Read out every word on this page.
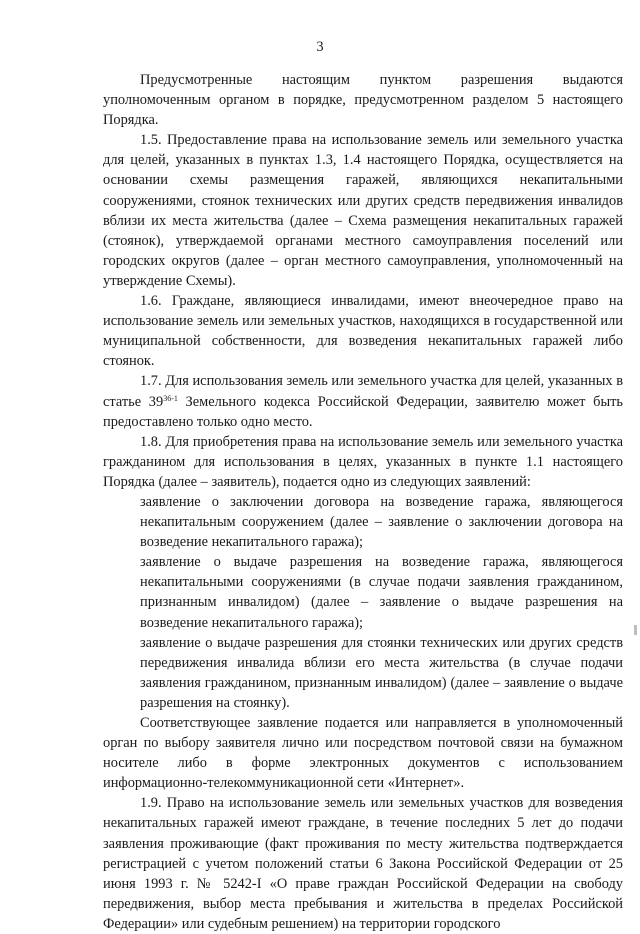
3

Предусмотренные настоящим пунктом разрешения выдаются уполномоченным органом в порядке, предусмотренном разделом 5 настоящего Порядка.

1.5. Предоставление права на использование земель или земельного участка для целей, указанных в пунктах 1.3, 1.4 настоящего Порядка, осуществляется на основании схемы размещения гаражей, являющихся некапитальными сооружениями, стоянок технических или других средств передвижения инвалидов вблизи их места жительства (далее – Схема размещения некапитальных гаражей (стоянок), утверждаемой органами местного самоуправления поселений или городских округов (далее – орган местного самоуправления, уполномоченный на утверждение Схемы).

1.6. Граждане, являющиеся инвалидами, имеют внеочередное право на использование земель или земельных участков, находящихся в государственной или муниципальной собственности, для возведения некапитальных гаражей либо стоянок.

1.7. Для использования земель или земельного участка для целей, указанных в статье 39$^{36-1}$ Земельного кодекса Российской Федерации, заявителю может быть предоставлено только одно место.

1.8. Для приобретения права на использование земель или земельного участка гражданином для использования в целях, указанных в пункте 1.1 настоящего Порядка (далее – заявитель), подается одно из следующих заявлений:

заявление о заключении договора на возведение гаража, являющегося некапитальным сооружением (далее – заявление о заключении договора на возведение некапитального гаража);

заявление о выдаче разрешения на возведение гаража, являющегося некапитальными сооружениями (в случае подачи заявления гражданином, признанным инвалидом) (далее – заявление о выдаче разрешения на возведение некапитального гаража);

заявление о выдаче разрешения для стоянки технических или других средств передвижения инвалида вблизи его места жительства (в случае подачи заявления гражданином, признанным инвалидом) (далее – заявление о выдаче разрешения на стоянку).

Соответствующее заявление подается или направляется в уполномоченный орган по выбору заявителя лично или посредством почтовой связи на бумажном носителе либо в форме электронных документов с использованием информационно-телекоммуникационной сети «Интернет».

1.9. Право на использование земель или земельных участков для возведения некапитальных гаражей имеют граждане, в течение последних 5 лет до подачи заявления проживающие (факт проживания по месту жительства подтверждается регистрацией с учетом положений статьи 6 Закона Российской Федерации от 25 июня 1993 г. № 5242-I «О праве граждан Российской Федерации на свободу передвижения, выбор места пребывания и жительства в пределах Российской Федерации» или судебным решением) на территории городского
